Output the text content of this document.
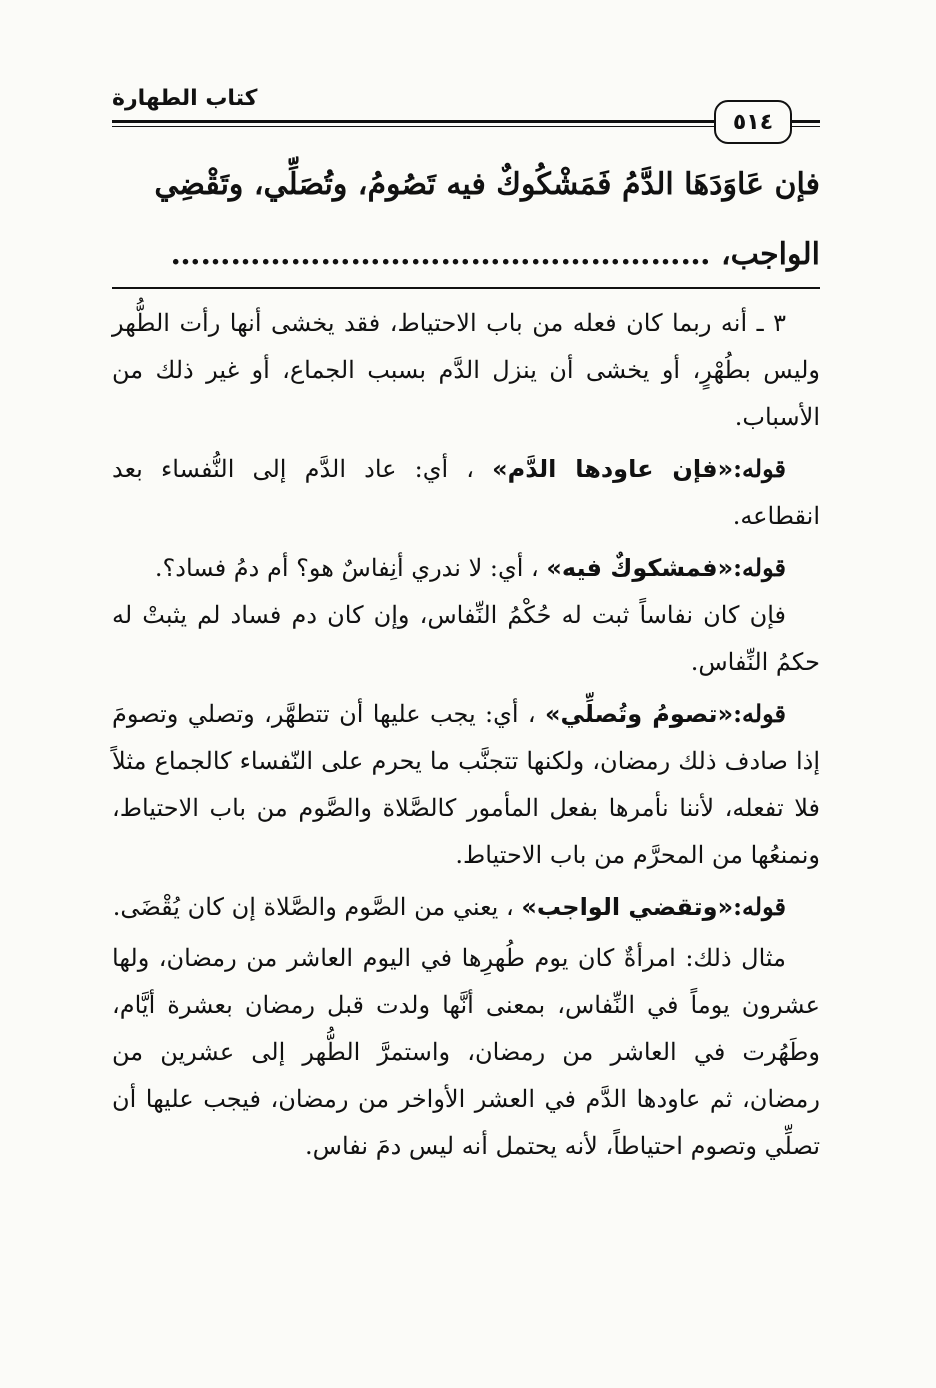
كتاب الطهارة
٥١٤

فإن عَاوَدَهَا الدَّمُ فَمَشْكُوكٌ فيه تَصُومُ، وتُصَلِّي، وتَقْضِي

الواجب، ………………………………………………

٣ ـ أنه ربما كان فعله من باب الاحتياط، فقد يخشى أنها رأت الطُّهر وليس بطُهْرٍ، أو يخشى أن ينزل الدَّم بسبب الجماع، أو غير ذلك من الأسباب.

قوله:«فإن عاودها الدَّم» ، أي: عاد الدَّم إلى النُّفساء بعد انقطاعه.

قوله:«فمشكوكٌ فيه» ، أي: لا ندري أنِفاسٌ هو؟ أم دمُ فساد؟.

فإن كان نفاساً ثبت له حُكْمُ النِّفاس، وإن كان دم فساد لم يثبتْ له حكمُ النِّفاس.

قوله:«تصومُ وتُصلِّي» ، أي: يجب عليها أن تتطهَّر، وتصلي وتصومَ إذا صادف ذلك رمضان، ولكنها تتجنَّب ما يحرم على النّفساء كالجماع مثلاً فلا تفعله، لأننا نأمرها بفعل المأمور كالصَّلاة والصَّوم من باب الاحتياط، ونمنعُها من المحرَّم من باب الاحتياط.

قوله:«وتقضي الواجب» ، يعني من الصَّوم والصَّلاة إن كان يُقْضَى.

مثال ذلك: امرأةٌ كان يوم طُهرِها في اليوم العاشر من رمضان، ولها عشرون يوماً في النِّفاس، بمعنى أنَّها ولدت قبل رمضان بعشرة أيَّام، وطَهُرت في العاشر من رمضان، واستمرَّ الطُّهر إلى عشرين من رمضان، ثم عاودها الدَّم في العشر الأواخر من رمضان، فيجب عليها أن تصلِّي وتصوم احتياطاً، لأنه يحتمل أنه ليس دمَ نفاس.
